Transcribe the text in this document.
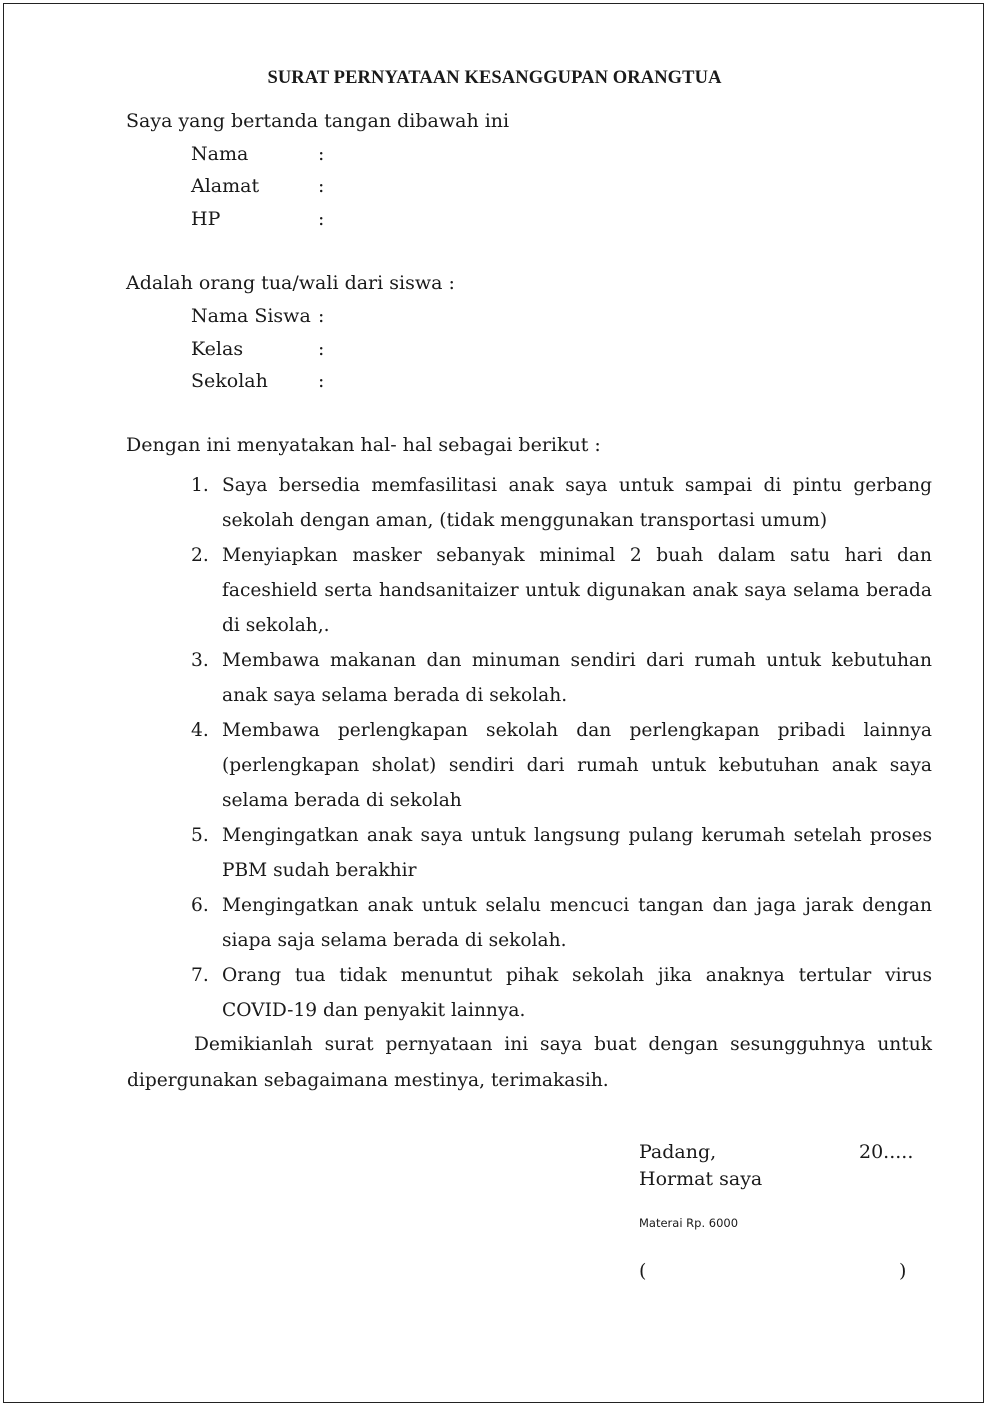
SURAT PERNYATAAN KESANGGUPAN ORANGTUA
Saya yang bertanda tangan dibawah ini
Nama	:
Alamat	:
HP	:
Adalah orang tua/wali dari siswa :
Nama Siswa :
Kelas	:
Sekolah	:
Dengan ini menyatakan hal- hal sebagai berikut :
1. Saya bersedia memfasilitasi anak saya untuk sampai di pintu gerbang sekolah dengan aman, (tidak menggunakan transportasi umum)
2. Menyiapkan masker sebanyak minimal 2 buah dalam satu hari dan faceshield serta handsanitaizer untuk digunakan anak saya selama berada di sekolah,.
3. Membawa makanan dan minuman sendiri dari rumah untuk kebutuhan anak saya selama berada di sekolah.
4. Membawa perlengkapan sekolah dan perlengkapan pribadi lainnya (perlengkapan sholat) sendiri dari rumah untuk kebutuhan anak saya selama berada di sekolah
5. Mengingatkan anak saya untuk langsung pulang kerumah setelah proses PBM sudah berakhir
6. Mengingatkan anak untuk selalu mencuci tangan dan jaga jarak dengan siapa saja selama berada di sekolah.
7. Orang tua tidak menuntut pihak sekolah jika anaknya tertular virus COVID-19 dan penyakit lainnya.

Demikianlah surat pernyataan ini saya buat dengan sesungguhnya untuk dipergunakan sebagaimana mestinya, terimakasih.

Padang,	20.....
Hormat saya
Materai Rp. 6000
(	)
